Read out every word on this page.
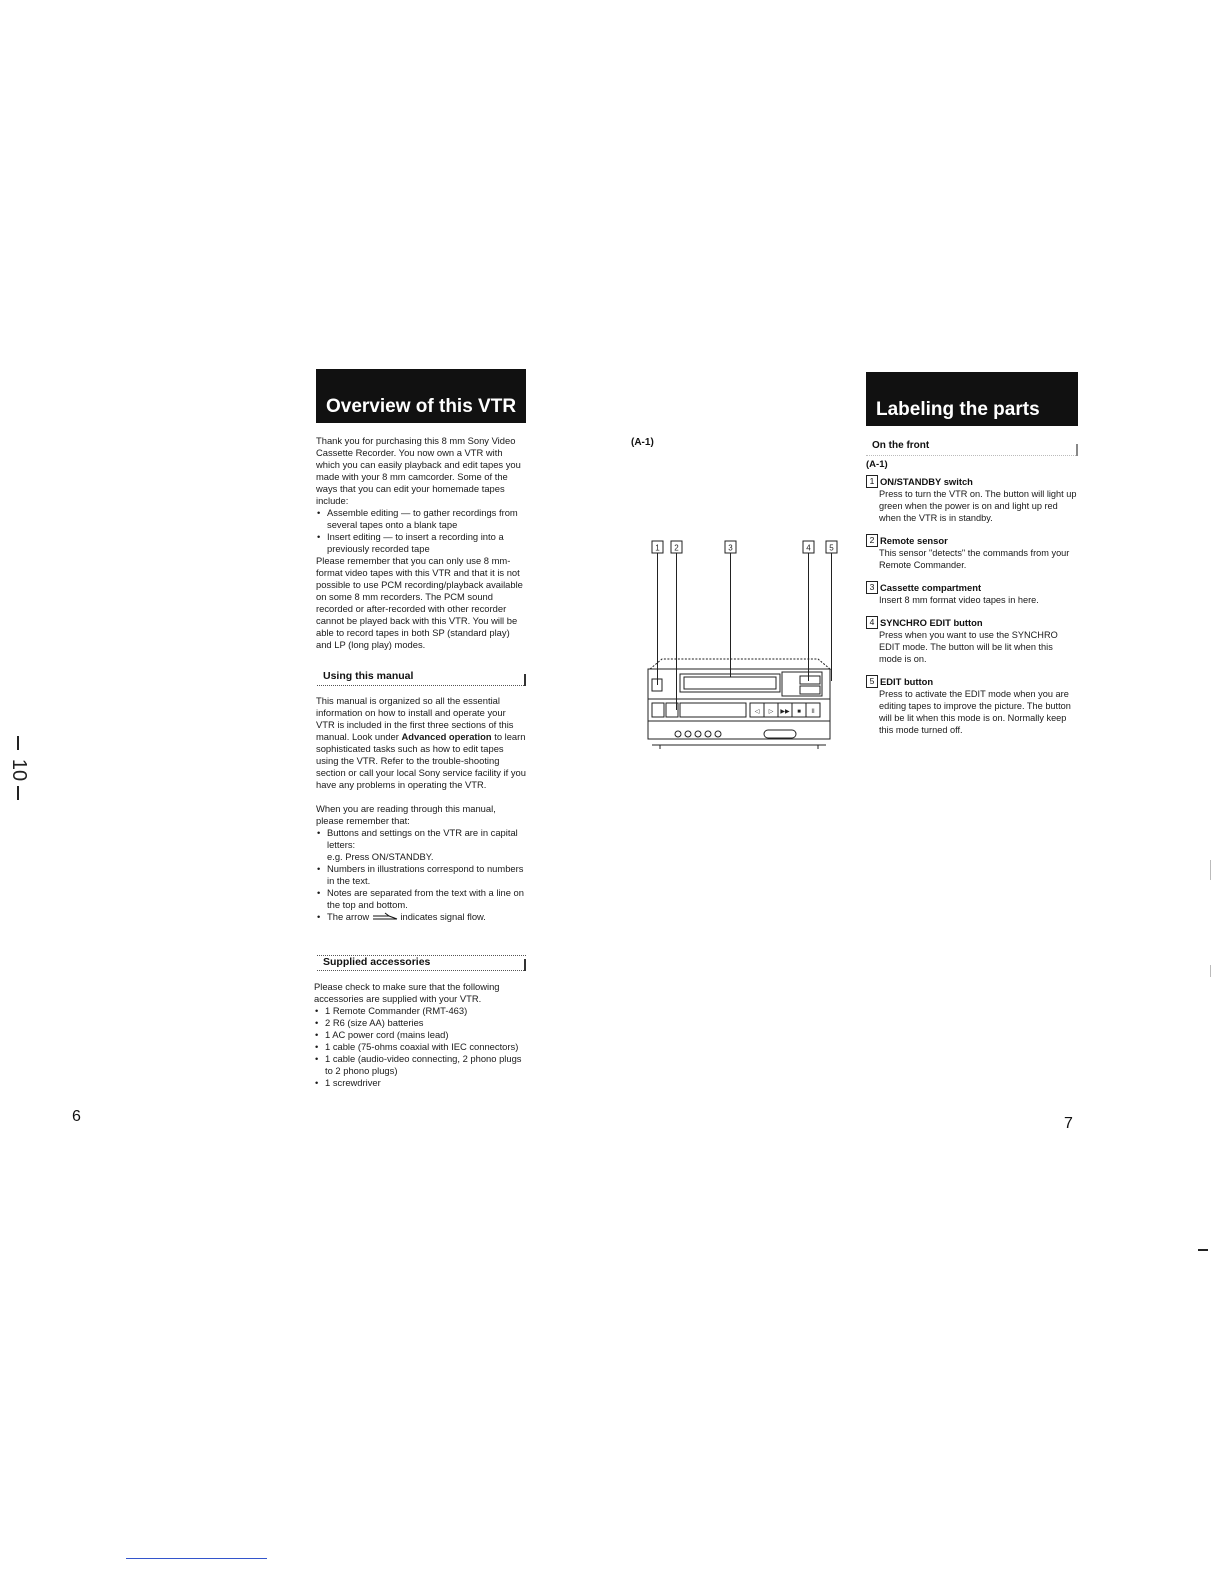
10
Overview of this VTR

Thank you for purchasing this 8 mm Sony Video Cassette Recorder. You now own a VTR with which you can easily playback and edit tapes you made with your 8 mm camcorder. Some of the ways that you can edit your homemade tapes include:

• Assemble editing — to gather recordings from several tapes onto a blank tape
• Insert editing — to insert a recording into a previously recorded tape

Please remember that you can only use 8 mm-format video tapes with this VTR and that it is not possible to use PCM recording/playback available on some 8 mm recorders. The PCM sound recorded or after-recorded with other recorder cannot be played back with this VTR. You will be able to record tapes in both SP (standard play) and LP (long play) modes.

Using this manual

This manual is organized so all the essential information on how to install and operate your VTR is included in the first three sections of this manual. Look under Advanced operation to learn sophisticated tasks such as how to edit tapes using the VTR. Refer to the trouble-shooting section or call your local Sony service facility if you have any problems in operating the VTR.

When you are reading through this manual, please remember that:

• Buttons and settings on the VTR are in capital letters:
e.g. Press ON/STANDBY.
• Numbers in illustrations correspond to numbers in the text.
• Notes are separated from the text with a line on the top and bottom.
• The arrow	indicates signal flow.
Supplied accessories

Please check to make sure that the following accessories are supplied with your VTR.

• 1 Remote Commander (RMT-463)
• 2 R6 (size AA) batteries
• 1 AC power cord (mains lead)
• 1 cable (75-ohms coaxial with IEC connectors)
• 1 cable (audio-video connecting, 2 phono plugs to 2 phono plugs)
• 1 screwdriver
6
(A-1)
1 2	3	4 5
◁ ▷ ▶▶ ■ II
Labeling the parts
On the front
(A-1)
1 ON/STANDBY switch
Press to turn the VTR on. The button will light up green when the power is on and light up red when the VTR is in standby.
2 Remote sensor
This sensor "detects" the commands from your Remote Commander.
3 Cassette compartment
Insert 8 mm format video tapes in here.
4 SYNCHRO EDIT button
Press when you want to use the SYNCHRO EDIT mode. The button will be lit when this mode is on.
5 EDIT button
Press to activate the EDIT mode when you are editing tapes to improve the picture. The button will be lit when this mode is on. Normally keep this mode turned off.
7
